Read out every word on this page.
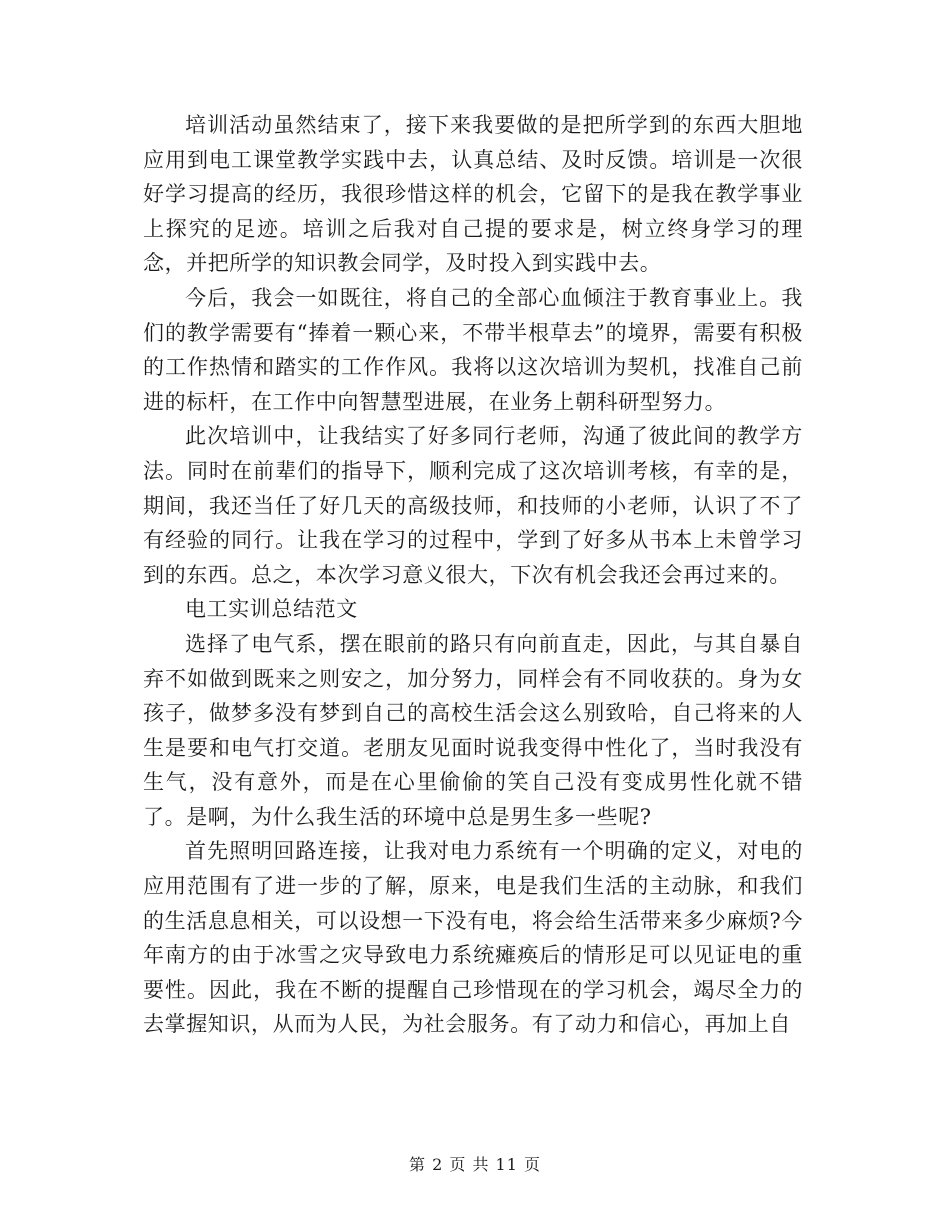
培训活动虽然结束了，接下来我要做的是把所学到的东西大胆地应用到电工课堂教学实践中去，认真总结、及时反馈。培训是一次很好学习提高的经历，我很珍惜这样的机会，它留下的是我在教学事业上探究的足迹。培训之后我对自己提的要求是，树立终身学习的理念，并把所学的知识教会同学，及时投入到实践中去。

今后，我会一如既往，将自己的全部心血倾注于教育事业上。我们的教学需要有“捧着一颗心来，不带半根草去”的境界，需要有积极的工作热情和踏实的工作作风。我将以这次培训为契机，找准自己前进的标杆，在工作中向智慧型进展，在业务上朝科研型努力。

此次培训中，让我结实了好多同行老师，沟通了彼此间的教学方法。同时在前辈们的指导下，顺利完成了这次培训考核，有幸的是，期间，我还当任了好几天的高级技师，和技师的小老师，认识了不了有经验的同行。让我在学习的过程中，学到了好多从书本上未曾学习到的东西。总之，本次学习意义很大，下次有机会我还会再过来的。

电工实训总结范文

选择了电气系，摆在眼前的路只有向前直走，因此，与其自暴自弃不如做到既来之则安之，加分努力，同样会有不同收获的。身为女孩子，做梦多没有梦到自己的高校生活会这么别致哈，自己将来的人生是要和电气打交道。老朋友见面时说我变得中性化了，当时我没有生气，没有意外，而是在心里偷偷的笑自己没有变成男性化就不错了。是啊，为什么我生活的环境中总是男生多一些呢?

首先照明回路连接，让我对电力系统有一个明确的定义，对电的应用范围有了进一步的了解，原来，电是我们生活的主动脉，和我们的生活息息相关，可以设想一下没有电，将会给生活带来多少麻烦?今年南方的由于冰雪之灾导致电力系统瘫痪后的情形足可以见证电的重要性。因此，我在不断的提醒自己珍惜现在的学习机会，竭尽全力的去掌握知识，从而为人民，为社会服务。有了动力和信心，再加上自

第 2 页 共 11 页
